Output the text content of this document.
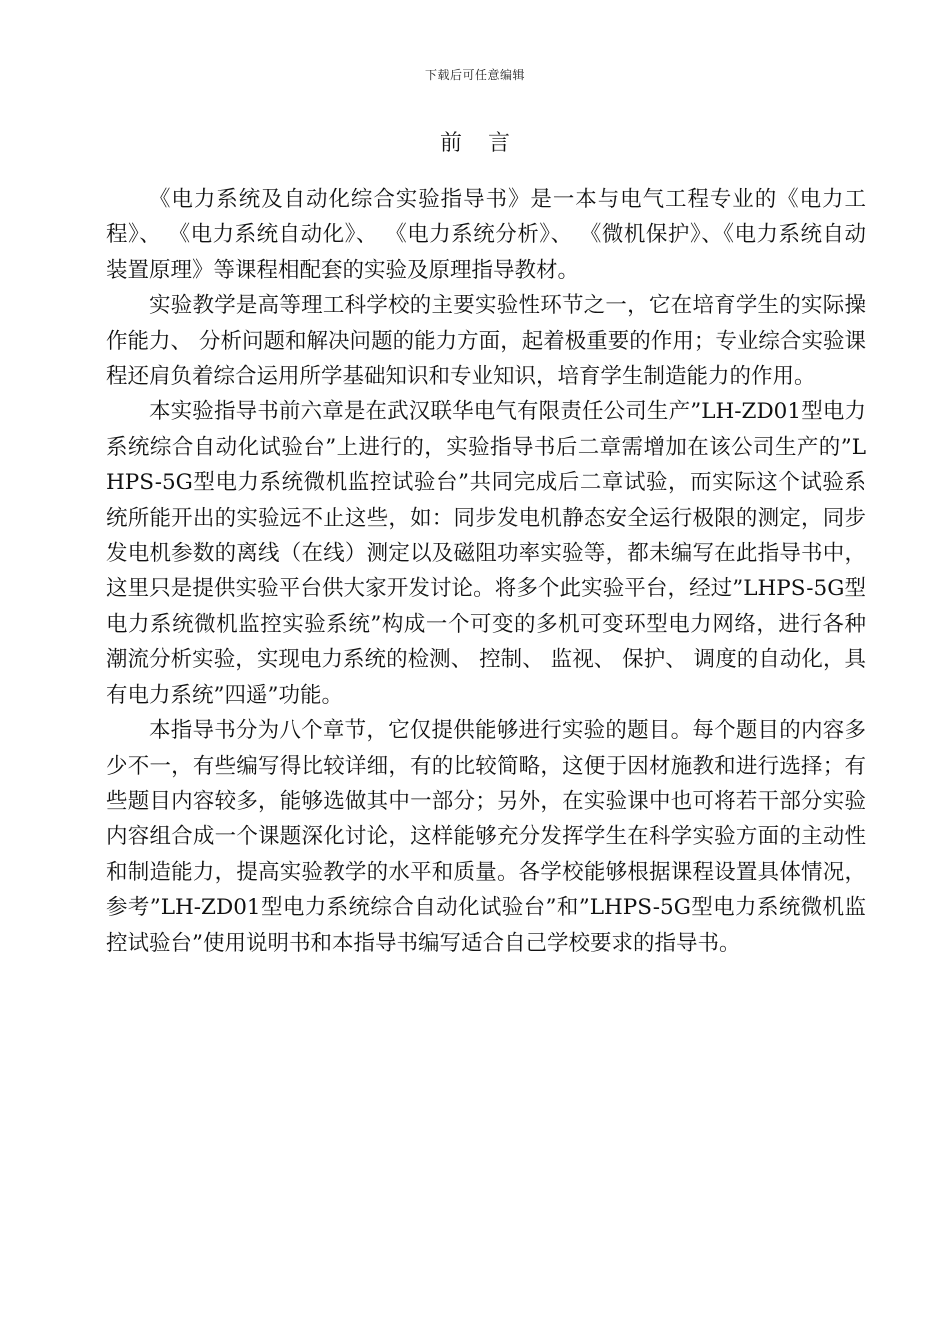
下载后可任意编辑
前言

《电力系统及自动化综合实验指导书》是一本与电气工程专业的《电力工程》、 《电力系统自动化》、 《电力系统分析》、 《微机保护》、《电力系统自动装置原理》等课程相配套的实验及原理指导教材。

实验教学是高等理工科学校的主要实验性环节之一，它在培育学生的实际操作能力、 分析问题和解决问题的能力方面，起着极重要的作用；专业综合实验课程还肩负着综合运用所学基础知识和专业知识，培育学生制造能力的作用。

本实验指导书前六章是在武汉联华电气有限责任公司生产”LH-ZD01型电力系统综合自动化试验台”上进行的，实验指导书后二章需增加在该公司生产的”LHPS-5G型电力系统微机监控试验台”共同完成后二章试验，而实际这个试验系统所能开出的实验远不止这些，如：同步发电机静态安全运行极限的测定，同步发电机参数的离线（在线）测定以及磁阻功率实验等，都未编写在此指导书中，这里只是提供实验平台供大家开发讨论。将多个此实验平台，经过”LHPS-5G型电力系统微机监控实验系统”构成一个可变的多机可变环型电力网络，进行各种潮流分析实验，实现电力系统的检测、 控制、 监视、 保护、 调度的自动化，具有电力系统”四遥”功能。

本指导书分为八个章节，它仅提供能够进行实验的题目。每个题目的内容多少不一，有些编写得比较详细，有的比较简略，这便于因材施教和进行选择；有些题目内容较多，能够选做其中一部分；另外，在实验课中也可将若干部分实验内容组合成一个课题深化讨论，这样能够充分发挥学生在科学实验方面的主动性和制造能力，提高实验教学的水平和质量。各学校能够根据课程设置具体情况，参考”LH-ZD01型电力系统综合自动化试验台”和”LHPS-5G型电力系统微机监控试验台”使用说明书和本指导书编写适合自己学校要求的指导书。
